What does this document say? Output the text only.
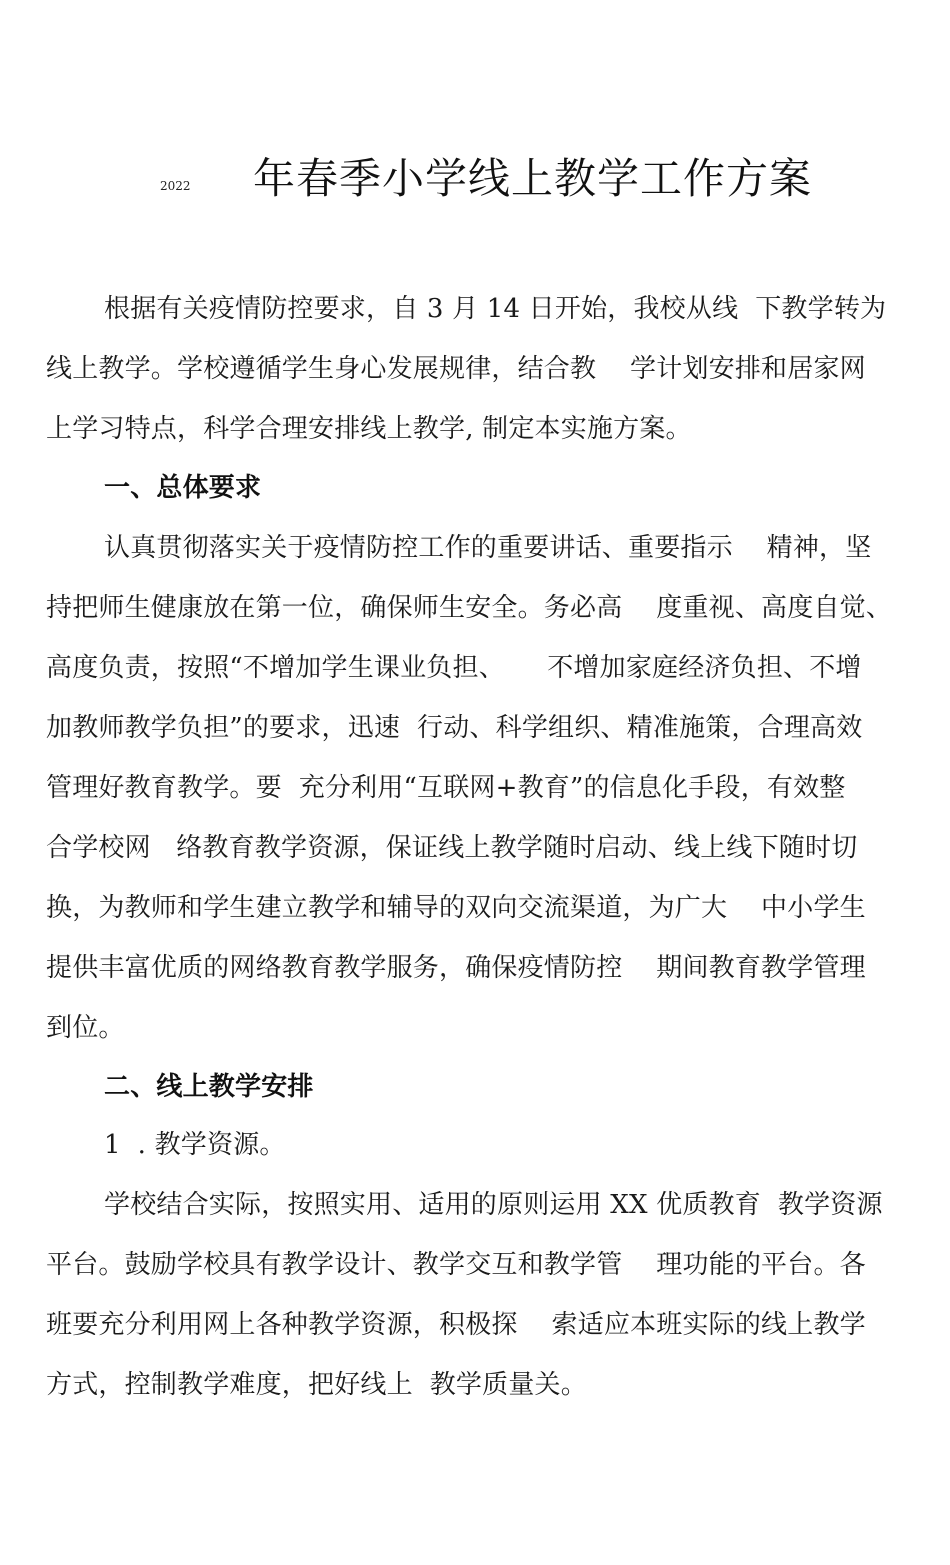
2022 年春季小学线上教学工作方案
根据有关疫情防控要求，自 3 月 14 日开始，我校从线  下教学转为
线上教学。学校遵循学生身心发展规律，结合教    学计划安排和居家网
上学习特点，科学合理安排线上教学, 制定本实施方案。
一、总体要求
认真贯彻落实关于疫情防控工作的重要讲话、重要指示    精神，坚
持把师生健康放在第一位，确保师生安全。务必高    度重视、高度自觉、
高度负责，按照“不增加学生课业负担、     不增加家庭经济负担、不增
加教师教学负担”的要求，迅速  行动、科学组织、精准施策，合理高效
管理好教育教学。要  充分利用“互联网+教育”的信息化手段，有效整
合学校网   络教育教学资源，保证线上教学随时启动、线上线下随时切
换，为教师和学生建立教学和辅导的双向交流渠道，为广大    中小学生
提供丰富优质的网络教育教学服务，确保疫情防控    期间教育教学管理
到位。
二、线上教学安排
1  . 教学资源。
学校结合实际，按照实用、适用的原则运用 XX 优质教育  教学资源
平台。鼓励学校具有教学设计、教学交互和教学管    理功能的平台。各
班要充分利用网上各种教学资源，积极探    索适应本班实际的线上教学
方式，控制教学难度，把好线上  教学质量关。
